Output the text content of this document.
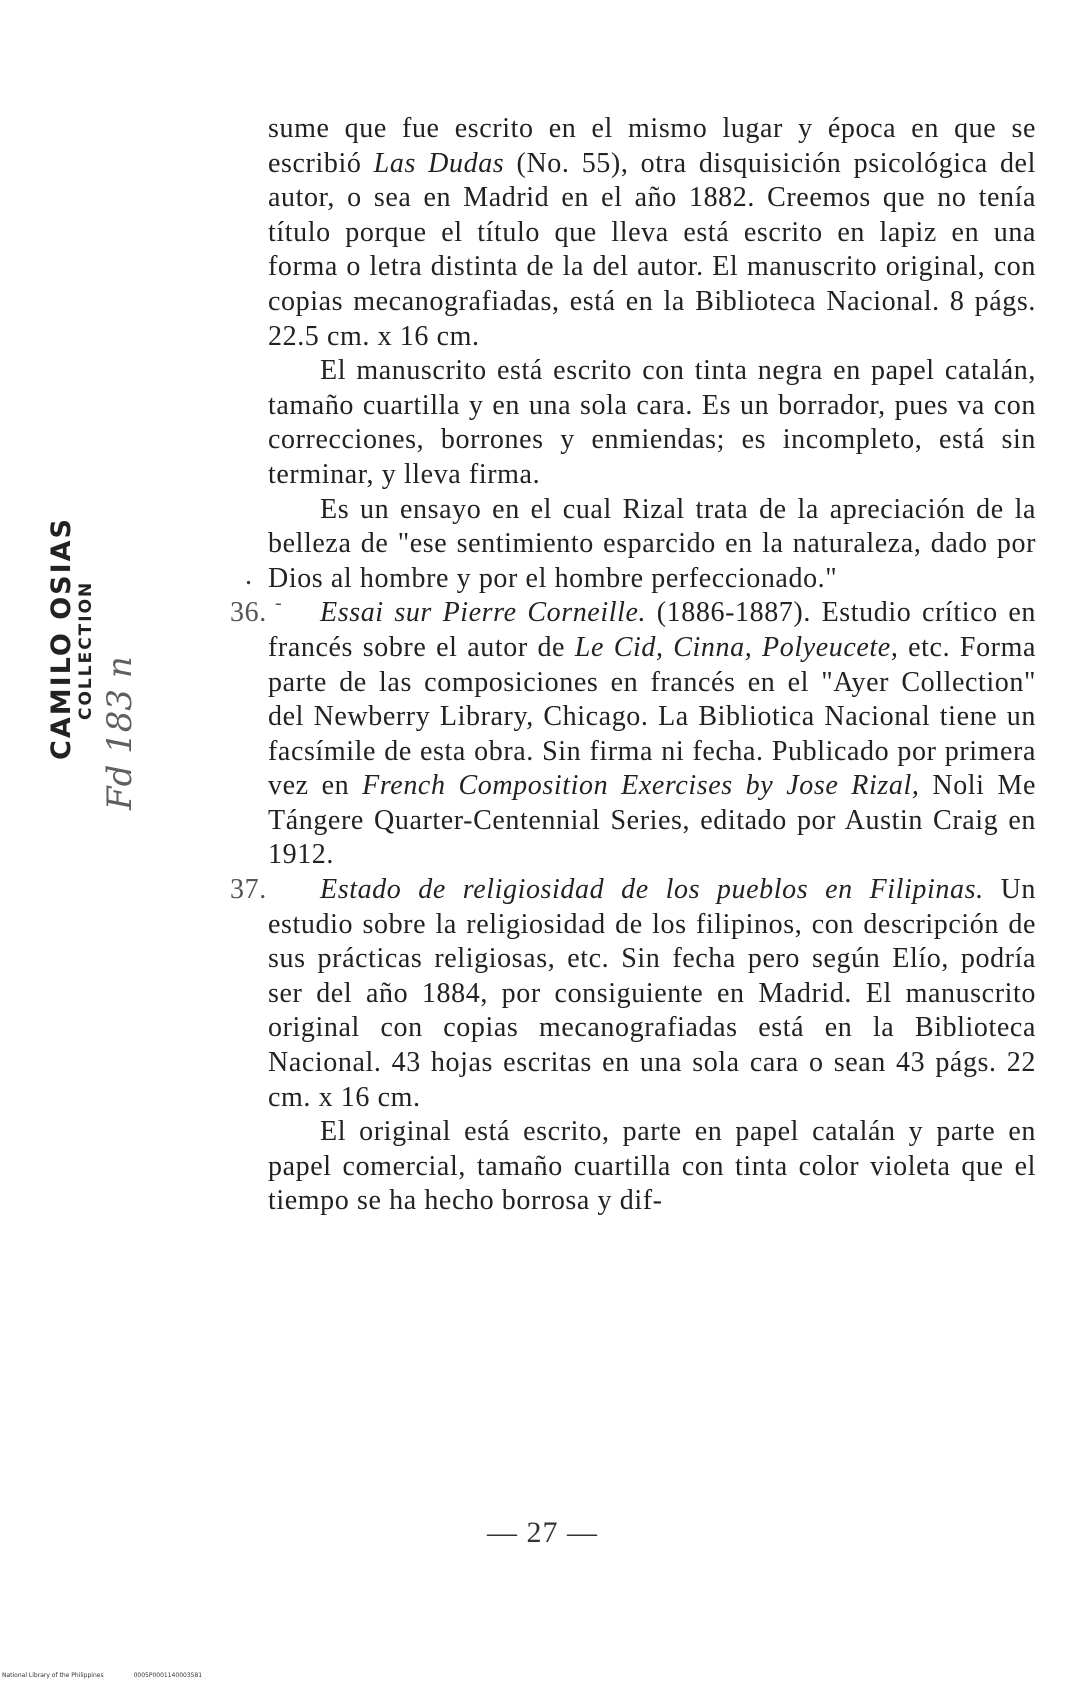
CAMILO OSIAS COLLECTION
Fd 183 n
.
-

sume que fue escrito en el mismo lugar y época en que se escribió Las Dudas (No. 55), otra disquisición psicológica del autor, o sea en Madrid en el año 1882. Creemos que no tenía título porque el título que lleva está escrito en lapiz en una forma o letra distinta de la del autor. El manuscrito original, con copias mecanografiadas, está en la Biblioteca Nacional. 8 págs. 22.5 cm. x 16 cm.

El manuscrito está escrito con tinta negra en papel catalán, tamaño cuartilla y en una sola cara. Es un borrador, pues va con correcciones, borrones y enmiendas; es incompleto, está sin terminar, y lleva firma.

Es un ensayo en el cual Rizal trata de la apreciación de la belleza de "ese sentimiento esparcido en la naturaleza, dado por Dios al hombre y por el hombre perfeccionado."

36. Essai sur Pierre Corneille. (1886-1887). Estudio crítico en francés sobre el autor de Le Cid, Cinna, Polyeucete, etc. Forma parte de las composiciones en francés en el "Ayer Collection" del Newberry Library, Chicago. La Bibliotica Nacional tiene un facsímile de esta obra. Sin firma ni fecha. Publicado por primera vez en French Composition Exercises by Jose Rizal, Noli Me Tángere Quarter-Centennial Series, editado por Austin Craig en 1912.

37. Estado de religiosidad de los pueblos en Filipinas. Un estudio sobre la religiosidad de los filipinos, con descripción de sus prácticas religiosas, etc. Sin fecha pero según Elío, podría ser del año 1884, por consiguiente en Madrid. El manuscrito original con copias mecanografiadas está en la Biblioteca Nacional. 43 hojas escritas en una sola cara o sean 43 págs. 22 cm. x 16 cm.

El original está escrito, parte en papel catalán y parte en papel comercial, tamaño cuartilla con tinta color violeta que el tiempo se ha hecho borrosa y dif-

— 27 —
National Library of the Philippines	0005P0001140003581
